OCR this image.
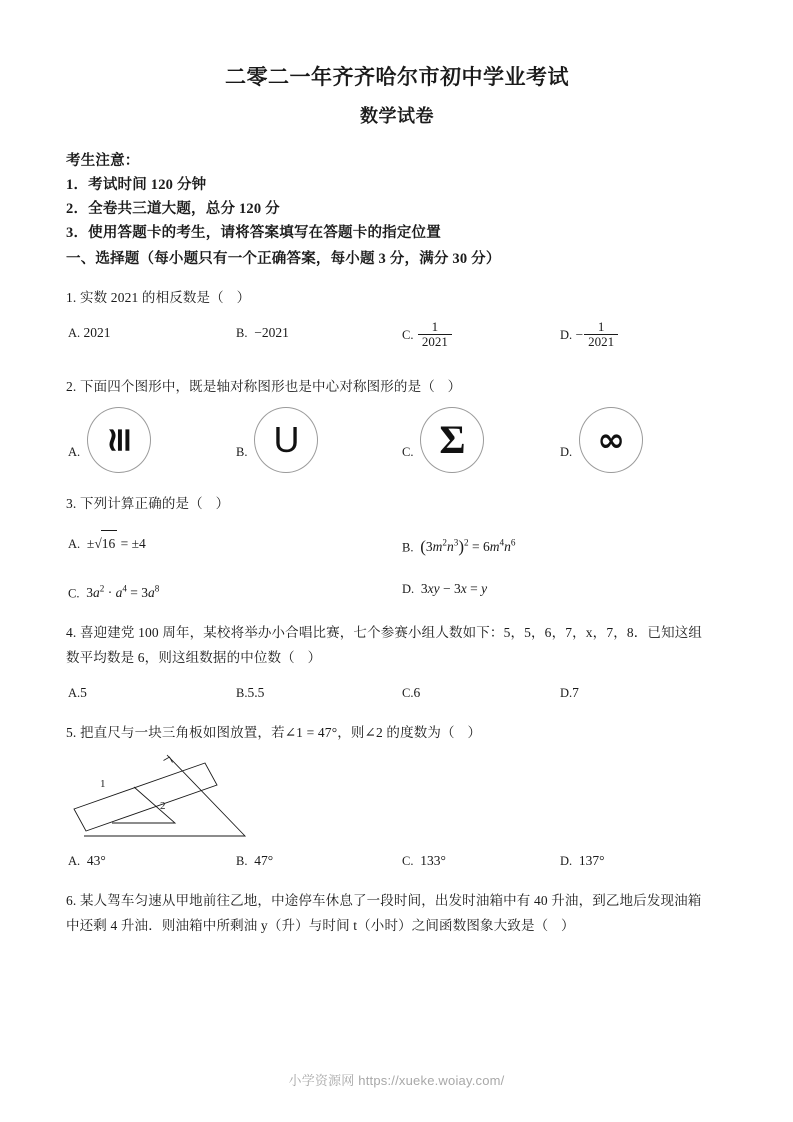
二零二一年齐齐哈尔市初中学业考试
数学试卷
考生注意：
1．考试时间 120 分钟
2．全卷共三道大题，总分 120 分
3．使用答题卡的考生，请将答案填写在答题卡的指定位置
一、选择题（每小题只有一个正确答案，每小题 3 分，满分 30 分）
1. 实数 2021 的相反数是（ ）
A. 2021	B. −2021	C. $\frac{1}{2021}$	D. − $\frac{1}{2021}$
2. 下面四个图形中，既是轴对称图形也是中心对称图形的是（ ）
A. ≅	B. U	C. Σ	D. ∞
3. 下列计算正确的是（ ）
A.  ±√16 = ±4	B. $(3m^2n^3)^2 = 6m^4n^6$
C.  $3a^2 \cdot a^4 = 3a^8$	D.  3xy − 3x = y
4. 喜迎建党 100 周年，某校将举办小合唱比赛，七个参赛小组人数如下：5，5，6，7，x，7，8．已知这组
数平均数是 6，则这组数据的中位数（ ）
A.5	B.5.5	C.6	D.7
5. 把直尺与一块三角板如图放置，若∠1 = 47°，则∠2 的度数为（ ）
1
2
A. 43°	B. 47°	C. 133°	D. 137°
6. 某人驾车匀速从甲地前往乙地，中途停车休息了一段时间，出发时油箱中有 40 升油，到乙地后发现油箱
中还剩 4 升油．则油箱中所剩油 y（升）与时间 t（小时）之间函数图象大致是（ ）
小学资源网 https://xueke.woiay.com/
